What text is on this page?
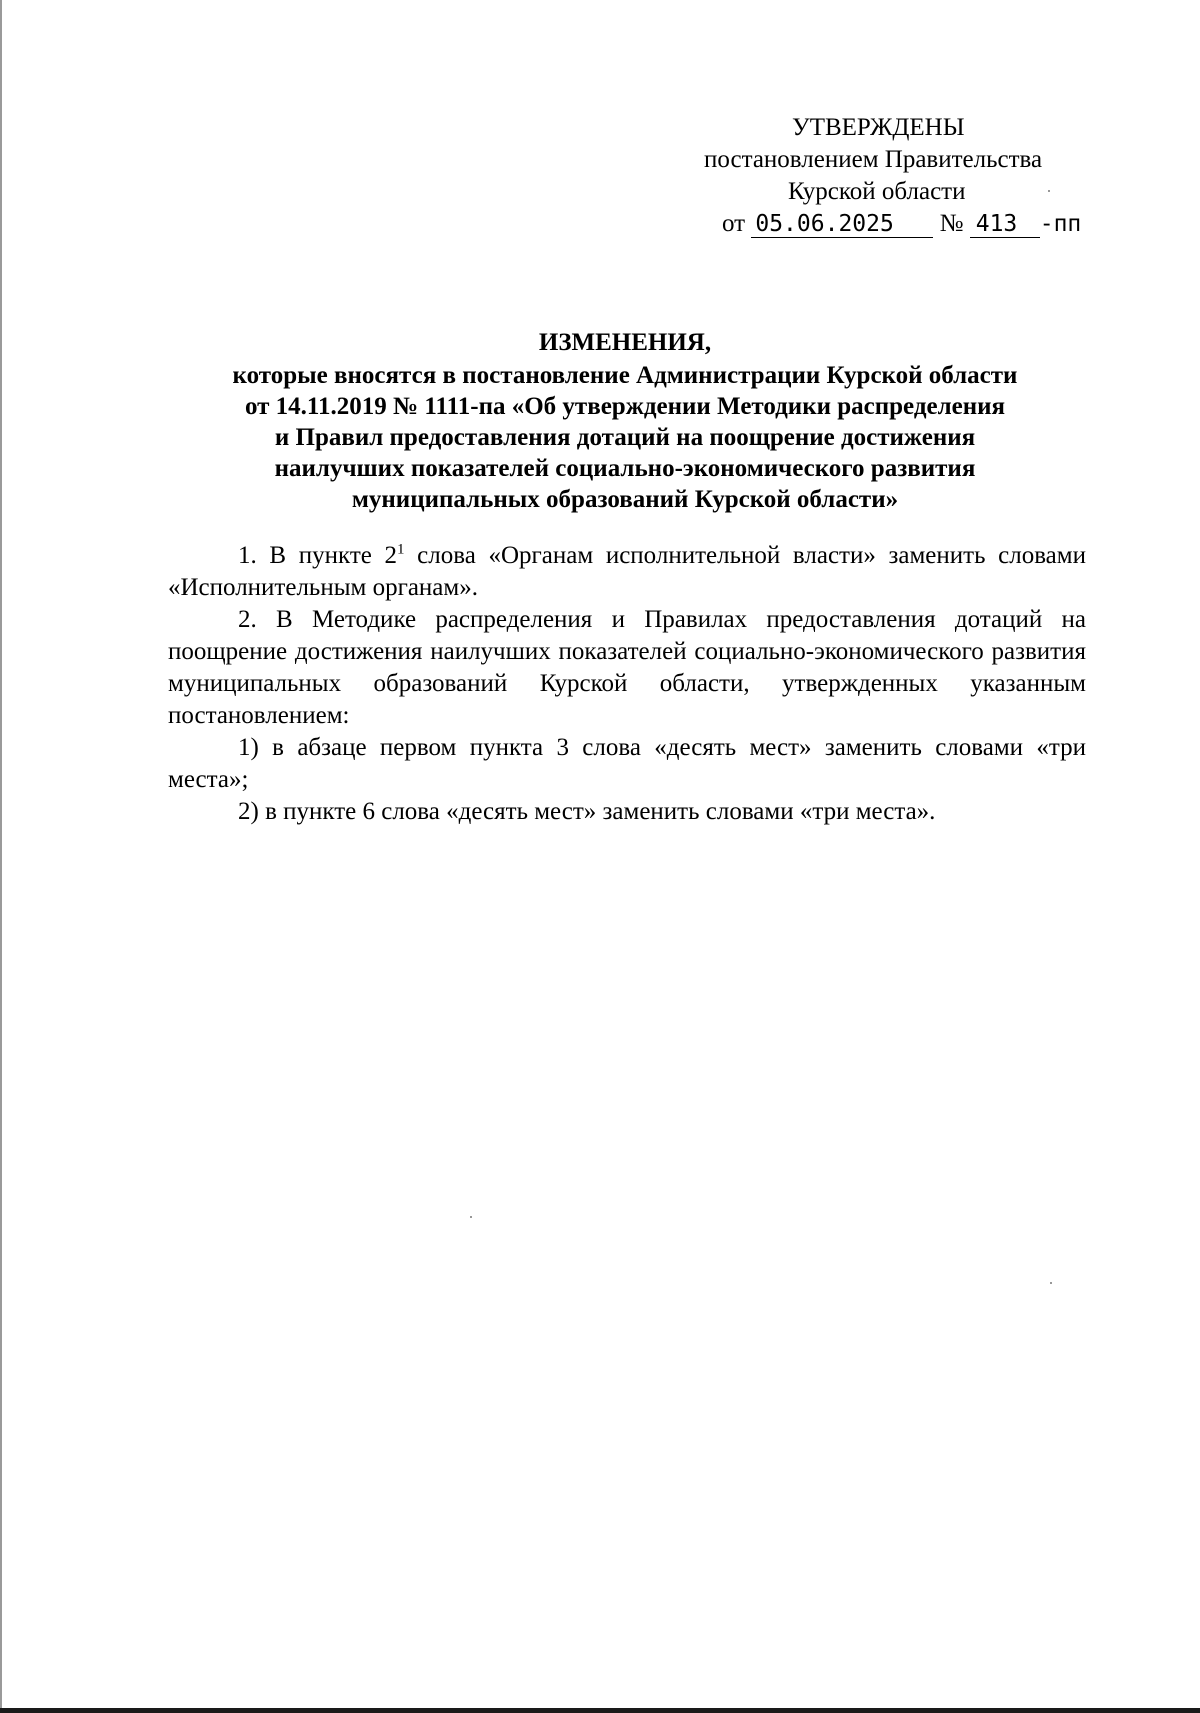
УТВЕРЖДЕНЫ
постановлением Правительства
Курской области
от 05.06.2025 № 413 -пп
ИЗМЕНЕНИЯ,
которые вносятся в постановление Администрации Курской области
от 14.11.2019 № 1111-па «Об утверждении Методики распределения
и Правил предоставления дотаций на поощрение достижения
наилучших показателей социально-экономического развития
муниципальных образований Курской области»

1. В пункте $2^1$ слова «Органам исполнительной власти» заменить словами «Исполнительным органам».

2. В Методике распределения и Правилах предоставления дотаций на поощрение достижения наилучших показателей социально-экономического развития муниципальных образований Курской области, утвержденных указанным постановлением:

1) в абзаце первом пункта 3 слова «десять мест» заменить словами «три места»;

2) в пункте 6 слова «десять мест» заменить словами «три места».
